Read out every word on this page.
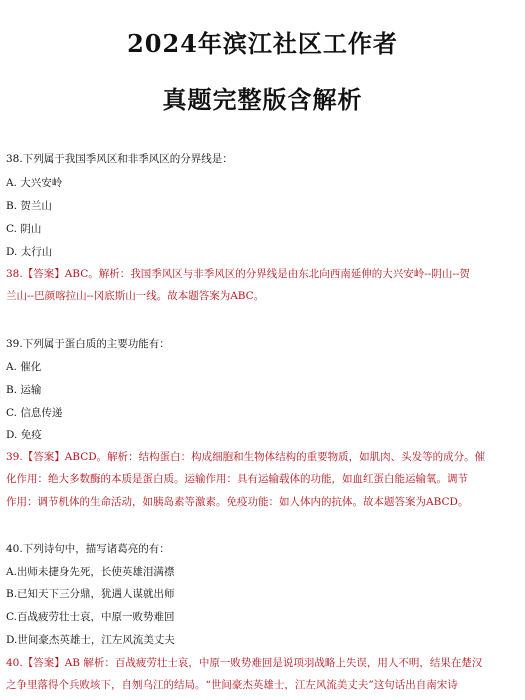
2024年滨江社区工作者
真题完整版含解析
38.下列属于我国季风区和非季风区的分界线是：
A. 大兴安岭
B. 贺兰山
C. 阴山
D. 太行山
38.【答案】ABC。解析：我国季风区与非季风区的分界线是由东北向西南延伸的大兴安岭--阴山--贺
兰山--巴颜喀拉山--冈底斯山一线。故本题答案为ABC。
39.下列属于蛋白质的主要功能有：
A. 催化
B. 运输
C. 信息传递
D. 免疫
39.【答案】ABCD。解析：结构蛋白：构成细胞和生物体结构的重要物质，如肌肉、头发等的成分。催
化作用：绝大多数酶的本质是蛋白质。运输作用：具有运输载体的功能，如血红蛋白能运输氧。调节
作用：调节机体的生命活动，如胰岛素等激素。免疫功能：如人体内的抗体。故本题答案为ABCD。
40.下列诗句中，描写诸葛亮的有：
A.出师未捷身先死，长使英雄泪满襟
B.已知天下三分鼎，犹遇人谋就出师
C.百战疲劳壮士哀，中原一败势难回
D.世间豪杰英雄士，江左风流美丈夫
40.【答案】AB 解析：百战疲劳壮士哀，中原一败势难回是说项羽战略上失误，用人不明，结果在楚汉
之争里落得个兵败垓下，自刎乌江的结局。“世间豪杰英雄士，江左风流美丈夫”这句话出自南宋诗
